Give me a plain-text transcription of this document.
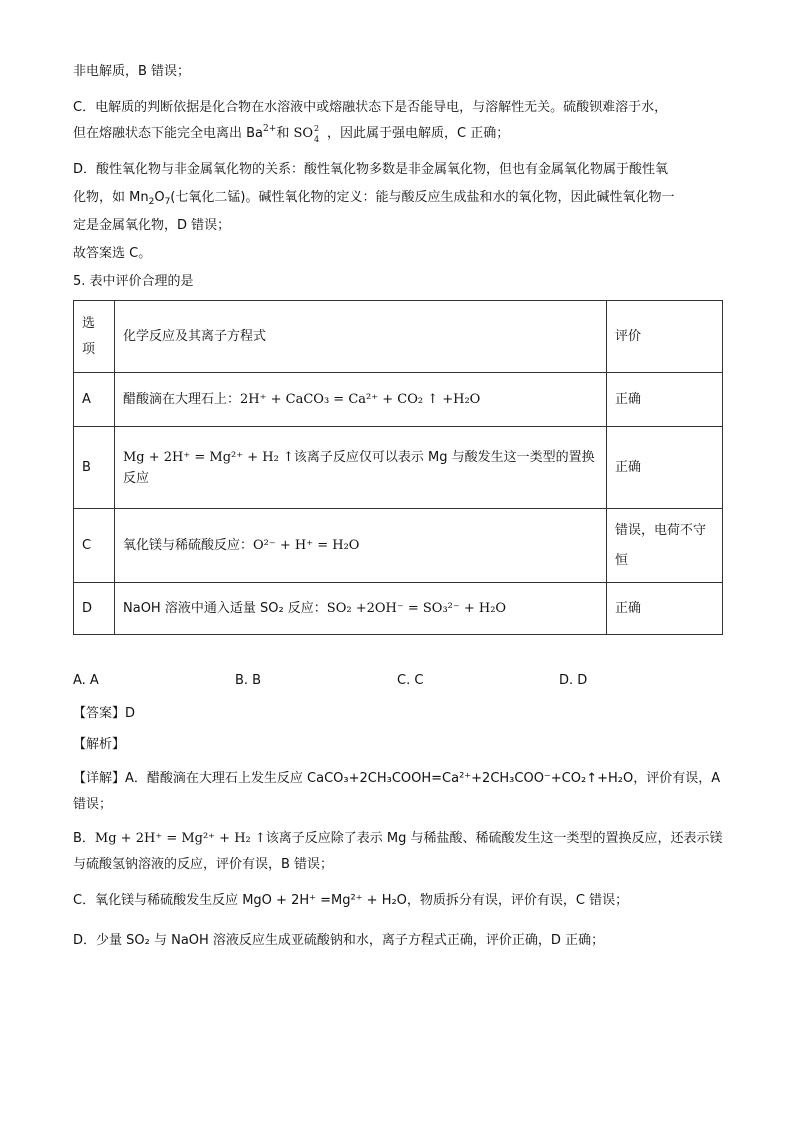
非电解质，B 错误；

C．电解质的判断依据是化合物在水溶液中或熔融状态下是否能导电，与溶解性无关。硫酸钡难溶于水，

但在熔融状态下能完全电离出 $Ba^{2+}$和 SO 2
4 ，因此属于强电解质，C 正确；

D．酸性氧化物与非金属氧化物的关系：酸性氧化物多数是非金属氧化物，但也有金属氧化物属于酸性氧

化物，如 $Mn_2O_7$(七氧化二锰)。碱性氧化物的定义：能与酸反应生成盐和水的氧化物，因此碱性氧化物一

定是金属氧化物，D 错误；

故答案选 C。

5. 表中评价合理的是

选
项	化学反应及其离子方程式	评价
A	醋酸滴在大理石上：2H⁺ + CaCO₃ = Ca²⁺ + CO₂ ↑ +H₂O	正确
B	Mg + 2H⁺ = Mg²⁺ + H₂ ↑该离子反应仅可以表示 Mg 与酸发生这一类型的置换反应	正确
C	氧化镁与稀硫酸反应：O²⁻ + H⁺ = H₂O	错误，电荷不守恒
D	NaOH 溶液中通入适量 SO₂ 反应：SO₂ +2OH⁻ = SO₃²⁻ + H₂O	正确
A. A	B. B	C. C	D. D

【答案】D

【解析】

【详解】A．醋酸滴在大理石上发生反应 CaCO₃+2CH₃COOH=Ca²⁺+2CH₃COO⁻+CO₂↑+H₂O，评价有误，A 错误；

B．Mg + 2H⁺ = Mg²⁺ + H₂ ↑该离子反应除了表示 Mg 与稀盐酸、稀硫酸发生这一类型的置换反应，还表示镁与硫酸氢钠溶液的反应，评价有误，B 错误；

C．氧化镁与稀硫酸发生反应 MgO + 2H⁺ =Mg²⁺ + H₂O，物质拆分有误，评价有误，C 错误；

D．少量 SO₂ 与 NaOH 溶液反应生成亚硫酸钠和水，离子方程式正确，评价正确，D 正确；
